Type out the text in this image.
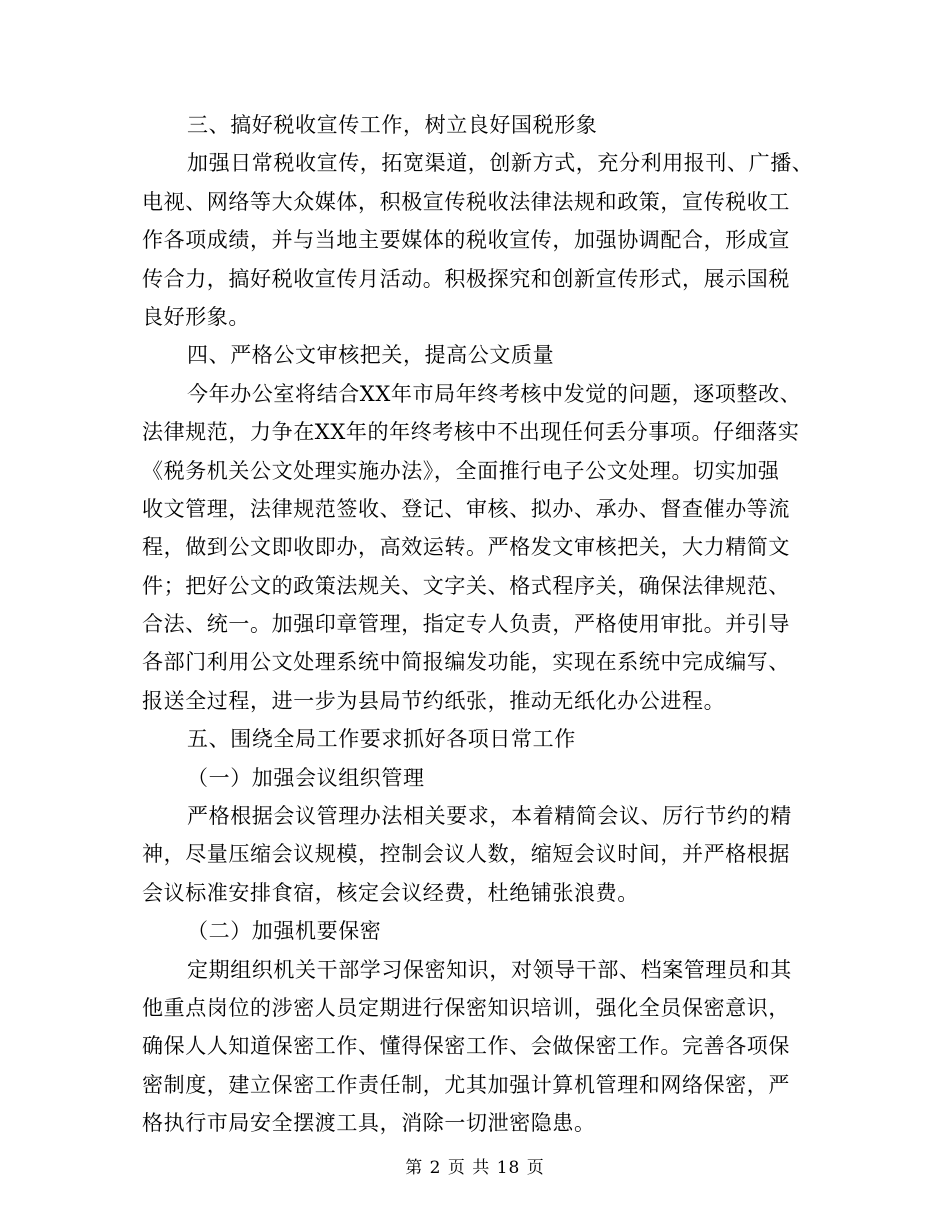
三、搞好税收宣传工作，树立良好国税形象
加强日常税收宣传，拓宽渠道，创新方式，充分利用报刊、广播、
电视、网络等大众媒体，积极宣传税收法律法规和政策，宣传税收工
作各项成绩，并与当地主要媒体的税收宣传，加强协调配合，形成宣
传合力，搞好税收宣传月活动。积极探究和创新宣传形式，展示国税
良好形象。
四、严格公文审核把关，提高公文质量
今年办公室将结合XX年市局年终考核中发觉的问题，逐项整改、
法律规范，力争在XX年的年终考核中不出现任何丢分事项。仔细落实
《税务机关公文处理实施办法》，全面推行电子公文处理。切实加强
收文管理，法律规范签收、登记、审核、拟办、承办、督查催办等流
程，做到公文即收即办，高效运转。严格发文审核把关，大力精简文
件；把好公文的政策法规关、文字关、格式程序关，确保法律规范、
合法、统一。加强印章管理，指定专人负责，严格使用审批。并引导
各部门利用公文处理系统中简报编发功能，实现在系统中完成编写、
报送全过程，进一步为县局节约纸张，推动无纸化办公进程。
五、围绕全局工作要求抓好各项日常工作
（一）加强会议组织管理
严格根据会议管理办法相关要求，本着精简会议、厉行节约的精
神，尽量压缩会议规模，控制会议人数，缩短会议时间，并严格根据
会议标准安排食宿，核定会议经费，杜绝铺张浪费。
（二）加强机要保密
定期组织机关干部学习保密知识，对领导干部、档案管理员和其
他重点岗位的涉密人员定期进行保密知识培训，强化全员保密意识，
确保人人知道保密工作、懂得保密工作、会做保密工作。完善各项保
密制度，建立保密工作责任制，尤其加强计算机管理和网络保密，严
格执行市局安全摆渡工具，消除一切泄密隐患。
第 2 页 共 18 页
